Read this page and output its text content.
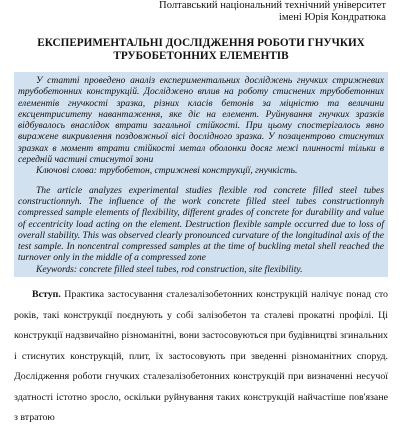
Полтавський національний технічний університет
імені Юрія Кондратюка
ЕКСПЕРИМЕНТАЛЬНІ ДОСЛІДЖЕННЯ РОБОТИ ГНУЧКИХ
ТРУБОБЕТОННИХ ЕЛЕМЕНТІВ

У статті проведено аналіз експериментальних досліджень гнучких стрижневих трубобетонних конструкцій. Досліджено вплив на роботу стиснених трубобетонних елементів гнучкості зразка, різних класів бетонів за міцністю та величини ексцентриситету навантаження, яке діє на елемент. Руйнування гнучких зразків відбувалось внаслідок втрати загальної стійкості. При цьому спостерігалось явно виражене викривлення поздовжньої вісі дослідного зразка. У позацентрово стиснутих зразках в момент втрати стійкості метал оболонки досяг межі плинності тільки в середній частині стиснутої зони

Ключові слова: трубобетон, стрижневі конструкції, гнучкість.

The article analyzes experimental studies flexible rod concrete filled steel tubes constructionnyh. The influence of the work concrete filled steel tubes constructionnyh compressed sample elements of flexibility, different grades of concrete for durability and value of eccentricity load acting on the element. Destruction flexible sample occurred due to loss of overall stability. This was observed clearly pronounced curvature of the longitudinal axis of the test sample. In noncentral compressed samples at the time of buckling metal shell reached the turnover only in the middle of a compressed zone

Keywords: concrete filled steel tubes, rod construction, site flexibility.

Вступ. Практика застосування сталезалізобетонних конструкцій налічує понад сто років, такі конструкції поєднують у собі залізобетон та сталеві прокатні профілі. Ці конструкції надзвичайно різноманітні, вони застосовуються при будівництві згинальних і стиснутих конструкцій, плит, їх застосовують при зведенні різноманітних споруд. Дослідження роботи гнучких сталезалізобетонних конструкцій при визначенні несучої здатності істотно зросло, оскільки руйнування таких конструкцій найчастіше пов'язане з втратою
